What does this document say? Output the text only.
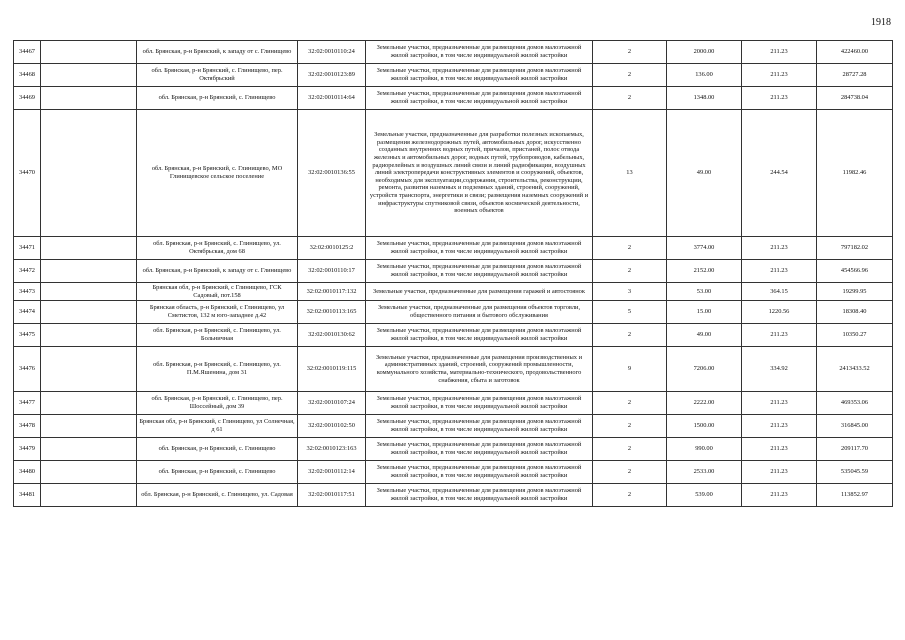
1918
34467		обл. Брянская, р-н Брянский, к западу от с. Глинищево	32:02:0010110:24	Земельные участки, предназначенные для размещения домов малоэтажной жилой застройки, в том числе индивидуальной жилой застройки	2	2000.00	211.23	422460.00
34468		обл. Брянская, р-н Брянский, с. Глинищево, пер. Октябрьский	32:02:0010123:89	Земельные участки, предназначенные для размещения домов малоэтажной жилой застройки, в том числе индивидуальной жилой застройки	2	136.00	211.23	28727.28
34469		обл. Брянская, р-н Брянский, с. Глинищево	32:02:0010114:64	Земельные участки, предназначенные для размещения домов малоэтажной жилой застройки, в том числе индивидуальной жилой застройки	2	1348.00	211.23	284738.04
34470		обл. Брянская, р-н Брянский, с. Глинищево, МО Глинищевское сельское поселение	32:02:0010136:55	Земельные участки, предназначенные для разработки полезных ископаемых, размещения железнодорожных путей, автомобильных дорог, искусственно созданных внутренних водных путей, причалов, пристаней, полос отвода железных и автомобильных дорог, водных путей, трубопроводов, кабельных, радиорелейных и воздушных линий связи и линий радиофикации, воздушных линий электропередачи конструктивных элементов и сооружений, объектов, необходимых для эксплуатации,содержания, строительства, реконструкции, ремонта, развития наземных и подземных зданий, строений, сооружений, устройств транспорта, энергетики и связи; размещения наземных сооружений и инфраструктуры спутниковой связи, объектов космической деятельности, военных объектов	13	49.00	244.54	11982.46
34471		обл. Брянская, р-н Брянский, с. Глинищево, ул. Октябрьская, дом 68	32:02:0010125:2	Земельные участки, предназначенные для размещения домов малоэтажной жилой застройки, в том числе индивидуальной жилой застройки	2	3774.00	211.23	797182.02
34472		обл. Брянская, р-н Брянский, к западу от с. Глинищево	32:02:0010110:17	Земельные участки, предназначенные для размещения домов малоэтажной жилой застройки, в том числе индивидуальной жилой застройки	2	2152.00	211.23	454566.96
34473		Брянская обл, р-н Брянский, с Глинищево, ГСК Садовый, пот.158	32:02:0010117:132	Земельные участки, предназначенные для размещения гаражей и автостоянок	3	53.00	364.15	19299.95
34474		Брянская область, р-н Брянский, с Глинищево, ул Сметистов, 132 м юго-западнее д.42	32:02:0010113:165	Земельные участки, предназначенные для размещения объектов торговли, общественного питания и бытового обслуживания	5	15.00	1220.56	18308.40
34475		обл. Брянская, р-н Брянский, с. Глинищево, ул. Больничная	32:02:0010130:62	Земельные участки, предназначенные для размещения домов малоэтажной жилой застройки, в том числе индивидуальной жилой застройки	2	49.00	211.23	10350.27
34476		обл. Брянская, р-н Брянский, с. Глинищево, ул. П.М.Яшенина, дом 31	32:02:0010119:115	Земельные участки, предназначенные для размещения производственных и административных зданий, строений, сооружений промышленности, коммунального хозяйства, материально-технического, продовольственного снабжения, сбыта и заготовок	9	7206.00	334.92	2413433.52
34477		обл. Брянская, р-н Брянский, с. Глинищево, пер. Шоссейный, дом 39	32:02:0010107:24	Земельные участки, предназначенные для размещения домов малоэтажной жилой застройки, в том числе индивидуальной жилой застройки	2	2222.00	211.23	469353.06
34478		Брянская обл, р-н Брянский, с Глинищево, ул Солнечная, д 61	32:02:0010102:50	Земельные участки, предназначенные для размещения домов малоэтажной жилой застройки, в том числе индивидуальной жилой застройки	2	1500.00	211.23	316845.00
34479		обл. Брянская, р-н Брянский, с. Глинищево	32:02:0010123:163	Земельные участки, предназначенные для размещения домов малоэтажной жилой застройки, в том числе индивидуальной жилой застройки	2	990.00	211.23	209117.70
34480		обл. Брянская, р-н Брянский, с. Глинищево	32:02:0010112:14	Земельные участки, предназначенные для размещения домов малоэтажной жилой застройки, в том числе индивидуальной жилой застройки	2	2533.00	211.23	535045.59
34481		обл. Брянская, р-н Брянский, с. Глинищево, ул. Садовая	32:02:0010117:51	Земельные участки, предназначенные для размещения домов малоэтажной жилой застройки, в том числе индивидуальной жилой застройки	2	539.00	211.23	113852.97
